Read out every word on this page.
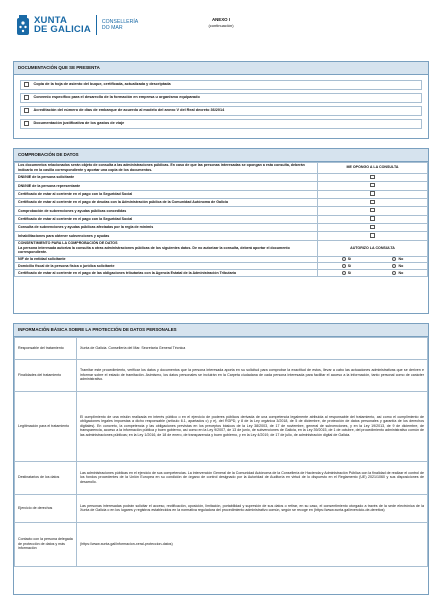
XUNTA
DE GALICIA
CONSELLERÍA
DO MAR
ANEXO I
(continuación)
DOCUMENTACIÓN QUE SE PRESENTA
Copia de la hoja de asiento del buque, certificada, actualizada y descriptada
Convenio específico para el desarrollo de la formación en empresa u organismo equiparado
Acreditación del número de días de embarque de acuerdo al modelo del anexo V del Real decreto 36/2014
Documentación justificativa de los gastos de viaje
COMPROBACIÓN DE DATOS
Los documentos relacionados serán objeto de consulta a las administraciones públicas. En caso de que las personas interesadas se opongan a esta consulta, deberán indicarlo en la casilla correspondiente y aportar una copia de los documentos.	ME OPONGO A LA CONSULTA
DNI/NIE de la persona solicitante	
DNI/NIE de la persona representante	
Certificado de estar al corriente en el pago con la Seguridad Social	
Certificado de estar al corriente en el pago de deudas con la Administración pública de la Comunidad Autónoma de Galicia	
Comprobación de subvenciones y ayudas públicas concedidas	
Certificado de estar al corriente en el pago con la Seguridad Social	
Consulta de subvenciones y ayudas públicas afectadas por la regla de minimis	
Inhabilitaciones para obtener subvenciones y ayudas	

CONSENTIMIENTO PARA LA COMPROBACIÓN DE DATOS
La persona interesada autoriza la consulta a otras administraciones públicas de los siguientes datos. De no autorizar la consulta, deberá aportar el documento correspondiente.	AUTORIZO LA CONSULTA
NIF de la entidad solicitante	Sí No

Domicilio fiscal de la persona física o jurídica solicitante	Sí No

Certificado de estar al corriente en el pago de las obligaciones tributarias con la Agencia Estatal de la Administración Tributaria	Sí No
INFORMACIÓN BÁSICA SOBRE LA PROTECCIÓN DE DATOS PERSONALES
Responsable del tratamiento	Xunta de Galicia. Consellería del Mar. Secretaría General Técnica
Finalidades del tratamiento	Tramitar este procedimiento, verificar los datos y documentos que la persona interesada aporta en su solicitud para comprobar la exactitud de estos, llevar a cabo las actuaciones administrativas que se deriven e informar sobre el estado de tramitación. Asimismo, los datos personales se incluirán en la Carpeta ciudadana de cada persona interesada para facilitar el acceso a la información, tanto personal como de carácter administrativo.
Legitimación para el tratamiento	El cumplimiento de una misión realizada en interés público o en el ejercicio de poderes públicos derivada de una competencia legalmente atribuida al responsable del tratamiento, así como el cumplimiento de obligaciones legales impuestas a dicho responsable (artículo 6.1, apartados c) y e), del RGPD, y 8 de la Ley orgánica 3/2018, de 5 de diciembre, de protección de datos personales y garantía de los derechos digitales). En concreto, la competencia y las obligaciones previstas en los preceptos básicos de la Ley 38/2003, de 17 de noviembre, general de subvenciones, y en la Ley 19/2013, de 9 de diciembre, de transparencia, acceso a la información pública y buen gobierno, así como en la Ley 9/2007, de 13 de junio, de subvenciones de Galicia, en la Ley 39/2015, de 1 de octubre, del procedimiento administrativo común de las administraciones públicas; en la Ley 1/2016, de 18 de enero, de transparencia y buen gobierno, y en la Ley 4/2019, de 17 de julio, de administración digital de Galicia.
Destinatarios de los datos	Las administraciones públicas en el ejercicio de sus competencias. La intervención General de la Comunidad Autónoma de la Consellería de Hacienda y Administración Pública con la finalidad de realizar el control de los fondos procedentes de la Unión Europea en su condición de órgano de control designado por la Autoridad de Auditoría en virtud de lo dispuesto en el Reglamento (UE) 2021/1060 y sus disposiciones de desarrollo.
Ejercicio de derechos	Las personas interesadas podrán solicitar el acceso, rectificación, oposición, limitación, portabilidad y supresión de sus datos o retirar, en su caso, el consentimiento otorgado a través de la sede electrónica de la Xunta de Galicia o en los lugares y registros establecidos en la normativa reguladora del procedimiento administrativo común, según se recoge en (https://www.xunta.gal/exercicio-de-dereitos)
Contacto con la persona delegada de protección de datos y más información	(https://www.xunta.gal/informacion-xeral-proteccion-datos)
